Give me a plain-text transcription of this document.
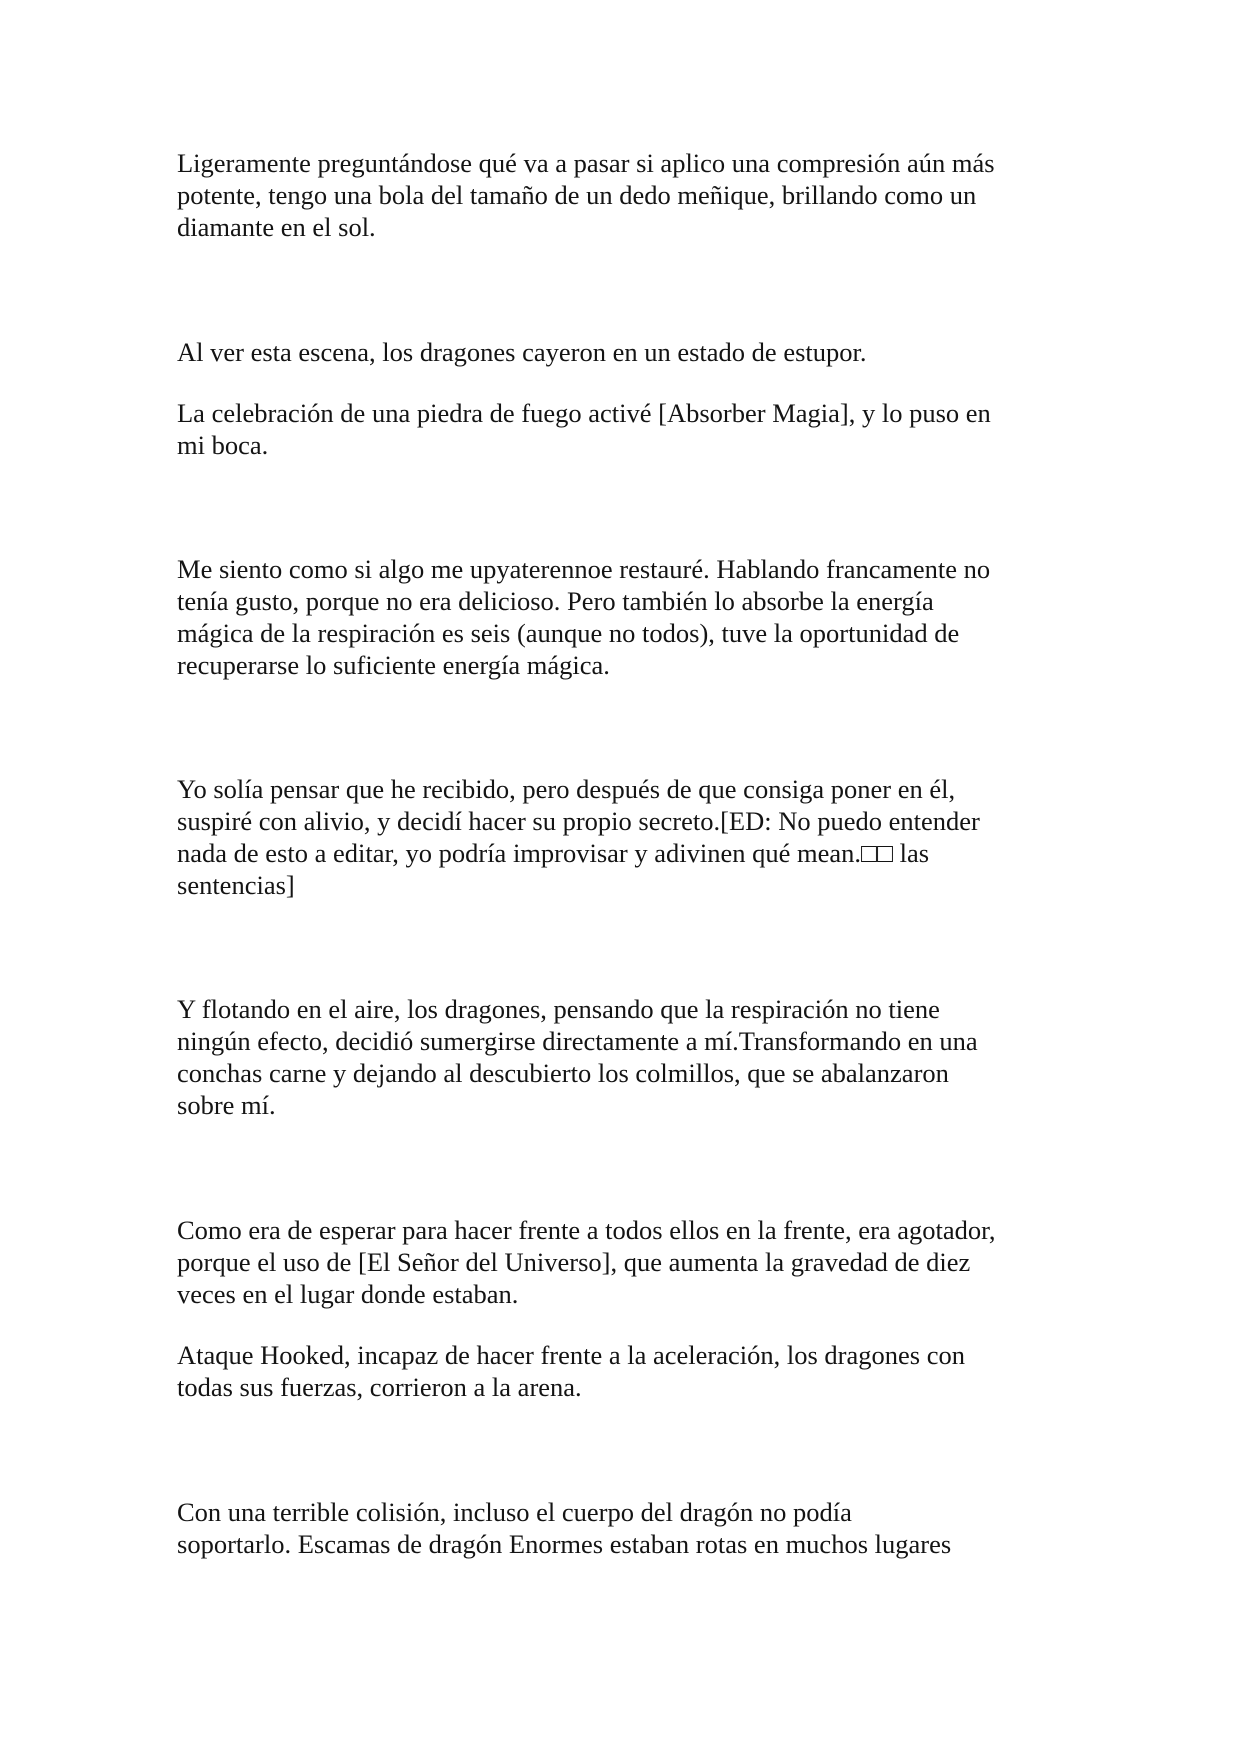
Ligeramente preguntándose qué va a pasar si aplico una compresión aún más
potente, tengo una bola del tamaño de un dedo meñique, brillando como un
diamante en el sol.

Al ver esta escena, los dragones cayeron en un estado de estupor.

La celebración de una piedra de fuego activé [Absorber Magia], y lo puso en
mi boca.

Me siento como si algo me upyaterennoe restauré. Hablando francamente no
tenía gusto, porque no era delicioso. Pero también lo absorbe la energía
mágica de la respiración es seis (aunque no todos), tuve la oportunidad de
recuperarse lo suficiente energía mágica.

Yo solía pensar que he recibido, pero después de que consiga poner en él,
suspiré con alivio, y decidí hacer su propio secreto.[ED: No puedo entender
nada de esto a editar, yo podría improvisar y adivinen qué mean.□□ las
sentencias]

Y flotando en el aire, los dragones, pensando que la respiración no tiene
ningún efecto, decidió sumergirse directamente a mí.Transformando en una
conchas carne y dejando al descubierto los colmillos, que se abalanzaron
sobre mí.

Como era de esperar para hacer frente a todos ellos en la frente, era agotador,
porque el uso de [El Señor del Universo], que aumenta la gravedad de diez
veces en el lugar donde estaban.

Ataque Hooked, incapaz de hacer frente a la aceleración, los dragones con
todas sus fuerzas, corrieron a la arena.

Con una terrible colisión, incluso el cuerpo del dragón no podía
soportarlo. Escamas de dragón Enormes estaban rotas en muchos lugares
